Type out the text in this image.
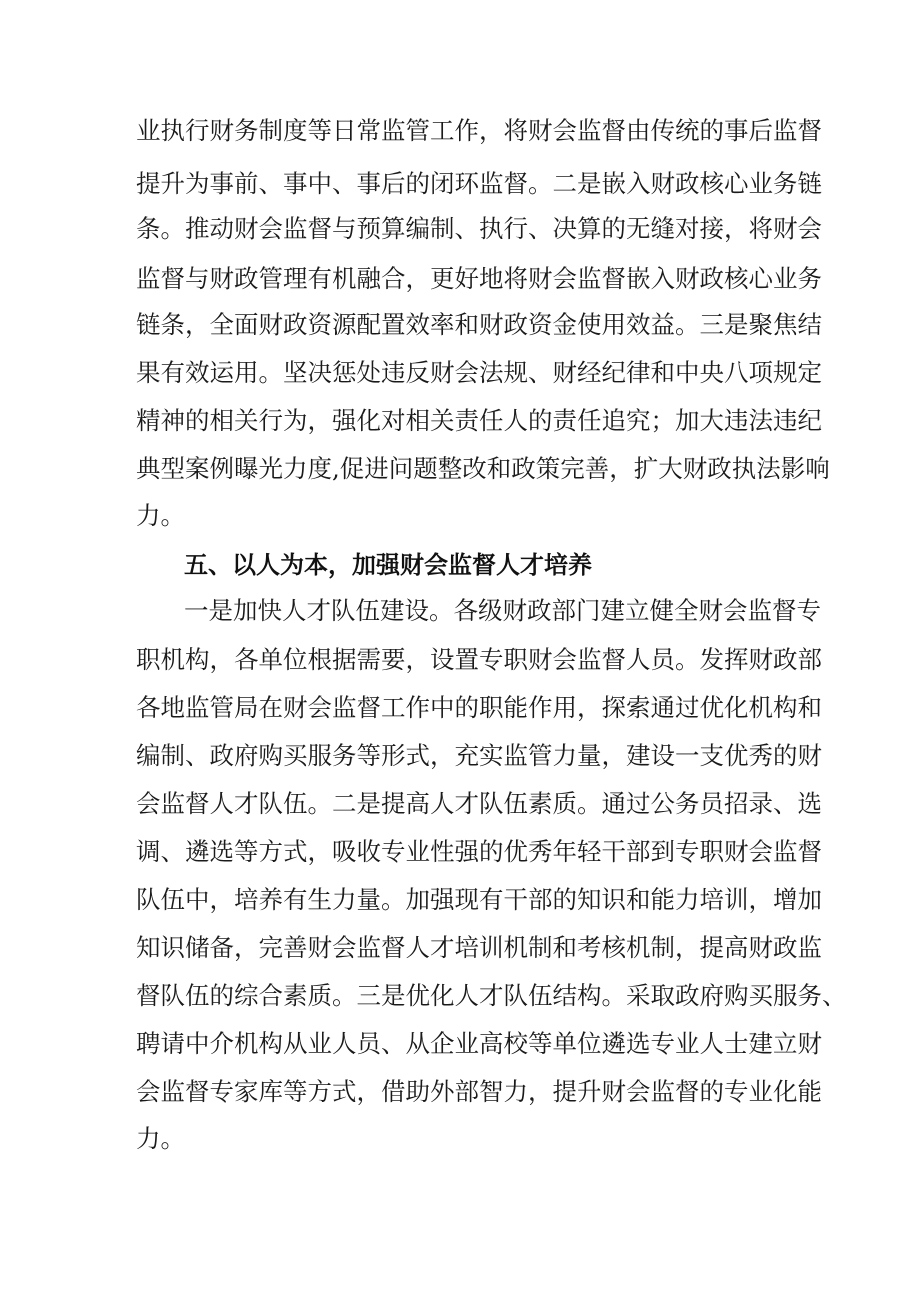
业执行财务制度等日常监管工作，将财会监督由传统的事后监督
提升为事前、事中、事后的闭环监督。二是嵌入财政核心业务链
条。推动财会监督与预算编制、执行、决算的无缝对接，将财会
监督与财政管理有机融合，更好地将财会监督嵌入财政核心业务
链条，全面财政资源配置效率和财政资金使用效益。三是聚焦结
果有效运用。坚决惩处违反财会法规、财经纪律和中央八项规定
精神的相关行为，强化对相关责任人的责任追究；加大违法违纪
典型案例曝光力度,促进问题整改和政策完善，扩大财政执法影响
力。
五、以人为本，加强财会监督人才培养
一是加快人才队伍建设。各级财政部门建立健全财会监督专
职机构，各单位根据需要，设置专职财会监督人员。发挥财政部
各地监管局在财会监督工作中的职能作用，探索通过优化机构和
编制、政府购买服务等形式，充实监管力量，建设一支优秀的财
会监督人才队伍。二是提高人才队伍素质。通过公务员招录、选
调、遴选等方式，吸收专业性强的优秀年轻干部到专职财会监督
队伍中，培养有生力量。加强现有干部的知识和能力培训，增加
知识储备，完善财会监督人才培训机制和考核机制，提高财政监
督队伍的综合素质。三是优化人才队伍结构。采取政府购买服务、
聘请中介机构从业人员、从企业高校等单位遴选专业人士建立财
会监督专家库等方式，借助外部智力，提升财会监督的专业化能
力。
